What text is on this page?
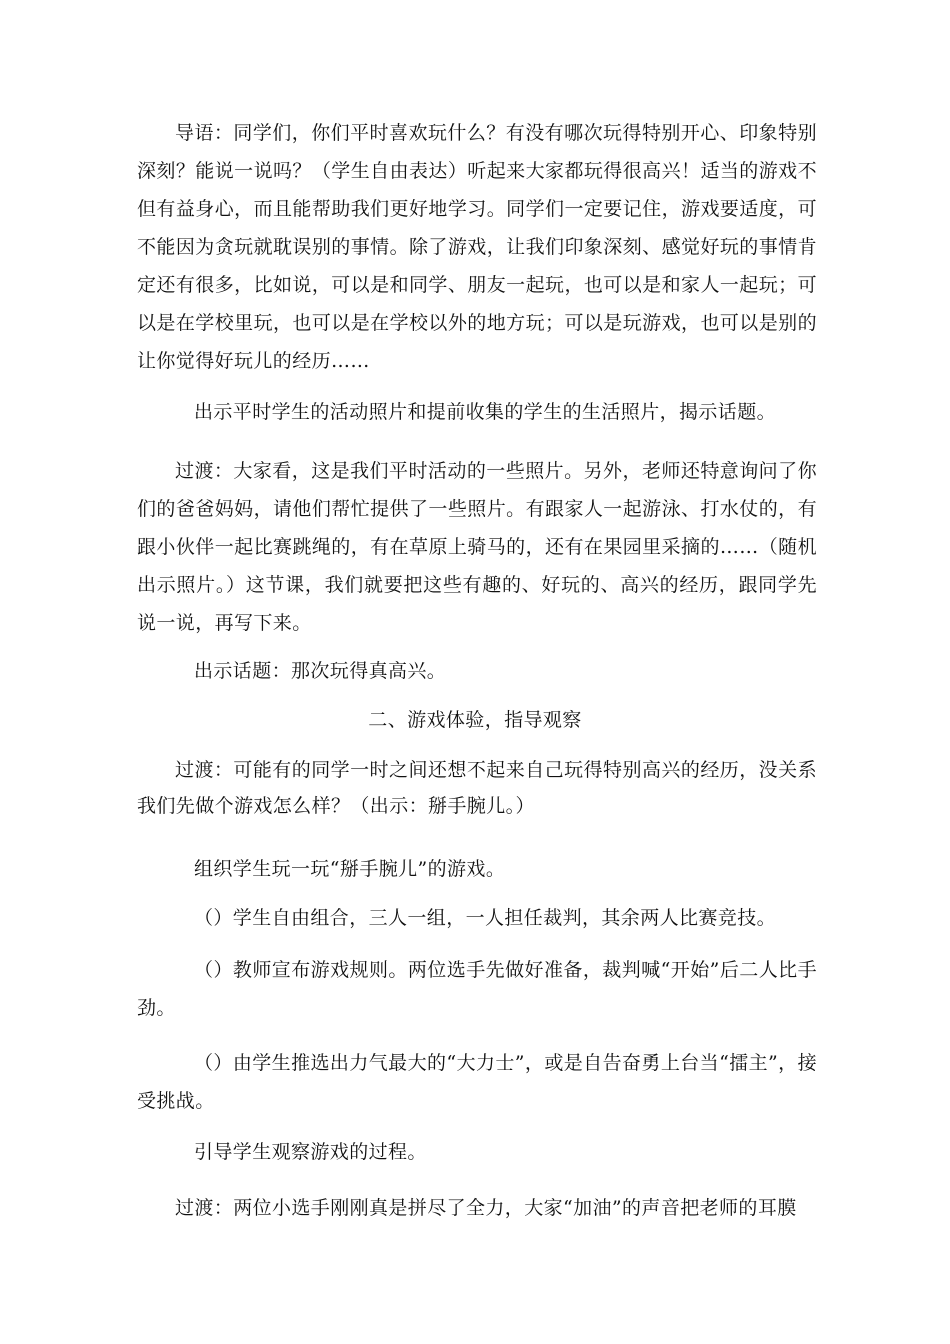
导语：同学们，你们平时喜欢玩什么？有没有哪次玩得特别开心、印象特别深刻？能说一说吗？（学生自由表达）听起来大家都玩得很高兴！适当的游戏不但有益身心，而且能帮助我们更好地学习。同学们一定要记住，游戏要适度，可不能因为贪玩就耽误别的事情。除了游戏，让我们印象深刻、感觉好玩的事情肯定还有很多，比如说，可以是和同学、朋友一起玩，也可以是和家人一起玩；可以是在学校里玩，也可以是在学校以外的地方玩；可以是玩游戏，也可以是别的让你觉得好玩儿的经历……

出示平时学生的活动照片和提前收集的学生的生活照片，揭示话题。

过渡：大家看，这是我们平时活动的一些照片。另外，老师还特意询问了你们的爸爸妈妈，请他们帮忙提供了一些照片。有跟家人一起游泳、打水仗的，有跟小伙伴一起比赛跳绳的，有在草原上骑马的，还有在果园里采摘的……（随机出示照片。）这节课，我们就要把这些有趣的、好玩的、高兴的经历，跟同学先说一说，再写下来。

出示话题：那次玩得真高兴。

二、游戏体验，指导观察

过渡：可能有的同学一时之间还想不起来自己玩得特别高兴的经历，没关系我们先做个游戏怎么样？（出示：掰手腕儿。）

组织学生玩一玩“掰手腕儿”的游戏。

（）学生自由组合，三人一组，一人担任裁判，其余两人比赛竞技。

（）教师宣布游戏规则。两位选手先做好准备，裁判喊“开始”后二人比手劲。

（）由学生推选出力气最大的“大力士”，或是自告奋勇上台当“擂主”，接受挑战。

引导学生观察游戏的过程。

过渡：两位小选手刚刚真是拼尽了全力，大家“加油”的声音把老师的耳膜
